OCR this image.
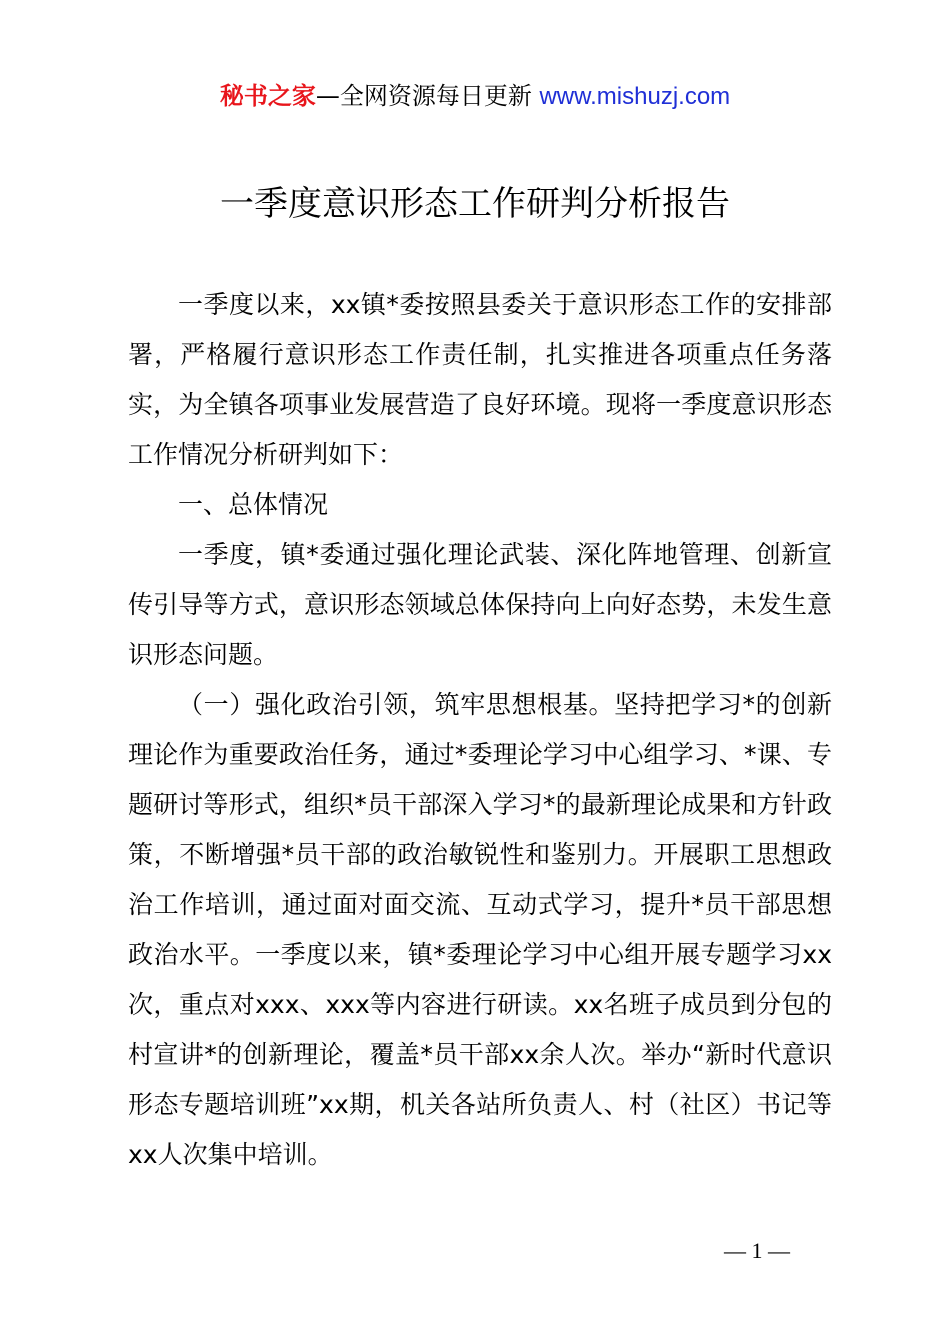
秘书之家—全网资源每日更新 www.mishuzj.com
一季度意识形态工作研判分析报告

一季度以来，xx镇*委按照县委关于意识形态工作的安排部署，严格履行意识形态工作责任制，扎实推进各项重点任务落实，为全镇各项事业发展营造了良好环境。现将一季度意识形态工作情况分析研判如下：

一、总体情况

一季度，镇*委通过强化理论武装、深化阵地管理、创新宣传引导等方式，意识形态领域总体保持向上向好态势，未发生意识形态问题。

（一）强化政治引领，筑牢思想根基。坚持把学习*的创新理论作为重要政治任务，通过*委理论学习中心组学习、*课、专题研讨等形式，组织*员干部深入学习*的最新理论成果和方针政策，不断增强*员干部的政治敏锐性和鉴别力。开展职工思想政治工作培训，通过面对面交流、互动式学习，提升*员干部思想政治水平。一季度以来，镇*委理论学习中心组开展专题学习xx次，重点对xxx、xxx等内容进行研读。xx名班子成员到分包的村宣讲*的创新理论，覆盖*员干部xx余人次。举办“新时代意识形态专题培训班”xx期，机关各站所负责人、村（社区）书记等xx人次集中培训。

— 1 —
